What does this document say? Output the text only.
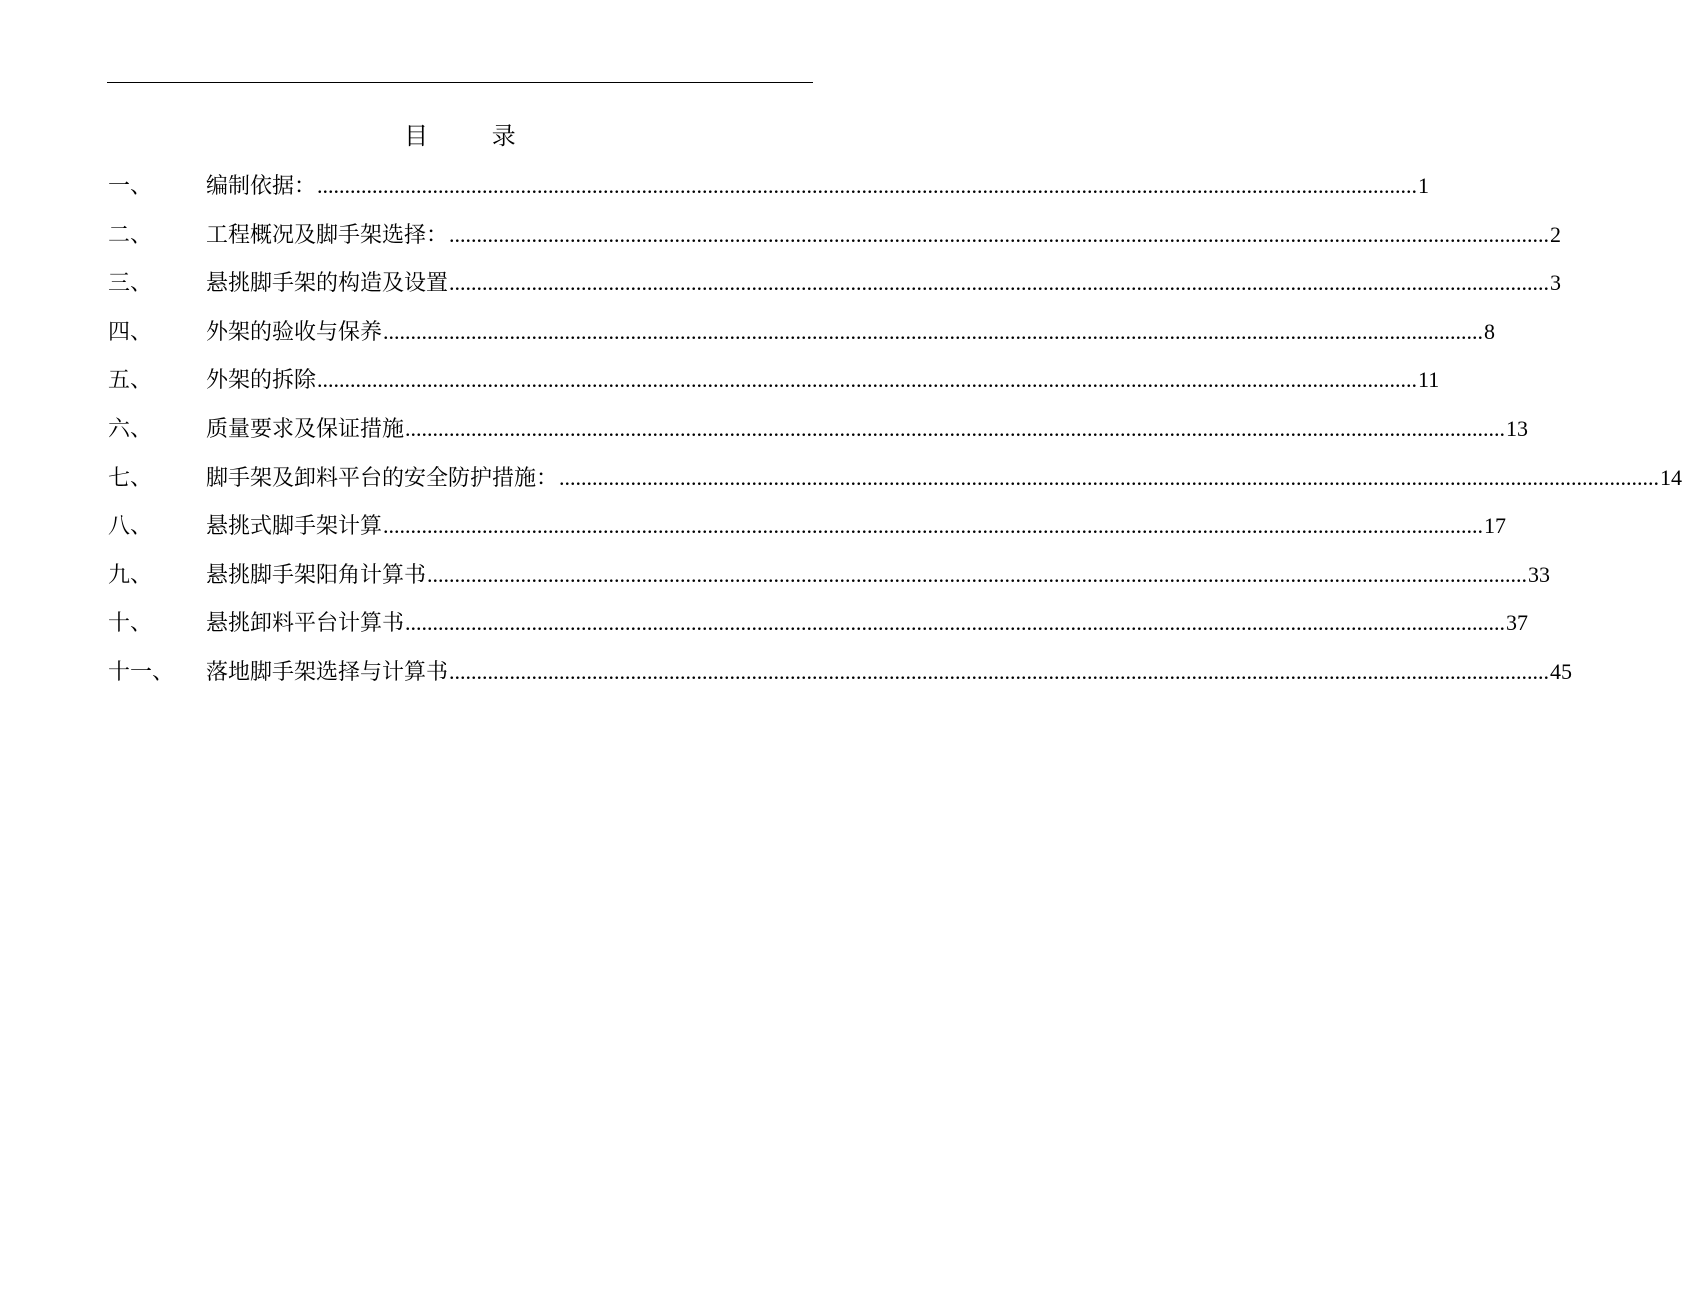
目 录
一、	编制依据： ........................................................................................................................................................................................................ 1
二、	工程概况及脚手架选择： ........................................................................................................................................................................................................ 2
三、	悬挑脚手架的构造及设置 ........................................................................................................................................................................................................ 3
四、	外架的验收与保养 ........................................................................................................................................................................................................ 8
五、	外架的拆除 ........................................................................................................................................................................................................ 11
六、	质量要求及保证措施 ........................................................................................................................................................................................................ 13
七、	脚手架及卸料平台的安全防护措施： ........................................................................................................................................................................................................ 14
八、	悬挑式脚手架计算 ........................................................................................................................................................................................................ 17
九、	悬挑脚手架阳角计算书 ........................................................................................................................................................................................................ 33
十、	悬挑卸料平台计算书 ........................................................................................................................................................................................................ 37
十一、	落地脚手架选择与计算书 ........................................................................................................................................................................................................ 45
